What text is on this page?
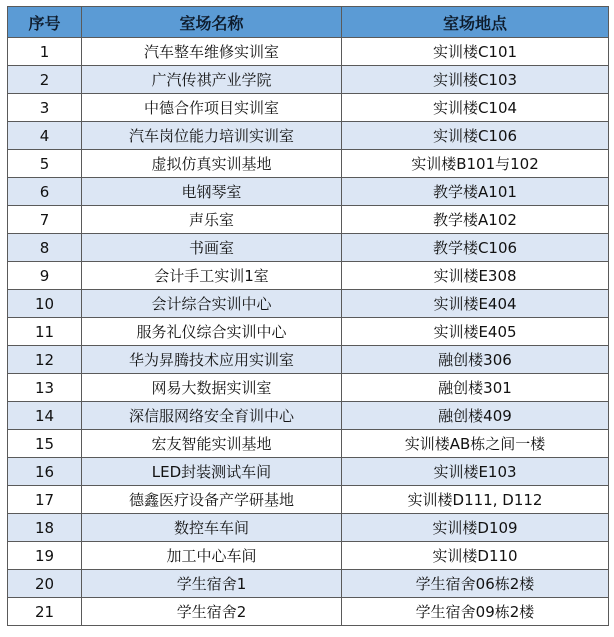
序号	室场名称	室场地点
1	汽车整车维修实训室	实训楼C101
2	广汽传祺产业学院	实训楼C103
3	中德合作项目实训室	实训楼C104
4	汽车岗位能力培训实训室	实训楼C106
5	虚拟仿真实训基地	实训楼B101与102
6	电钢琴室	教学楼A101
7	声乐室	教学楼A102
8	书画室	教学楼C106
9	会计手工实训1室	实训楼E308
10	会计综合实训中心	实训楼E404
11	服务礼仪综合实训中心	实训楼E405
12	华为昇腾技术应用实训室	融创楼306
13	网易大数据实训室	融创楼301
14	深信服网络安全育训中心	融创楼409
15	宏友智能实训基地	实训楼AB栋之间一楼
16	LED封装测试车间	实训楼E103
17	德鑫医疗设备产学研基地	实训楼D111, D112
18	数控车车间	实训楼D109
19	加工中心车间	实训楼D110
20	学生宿舍1	学生宿舍06栋2楼
21	学生宿舍2	学生宿舍09栋2楼
